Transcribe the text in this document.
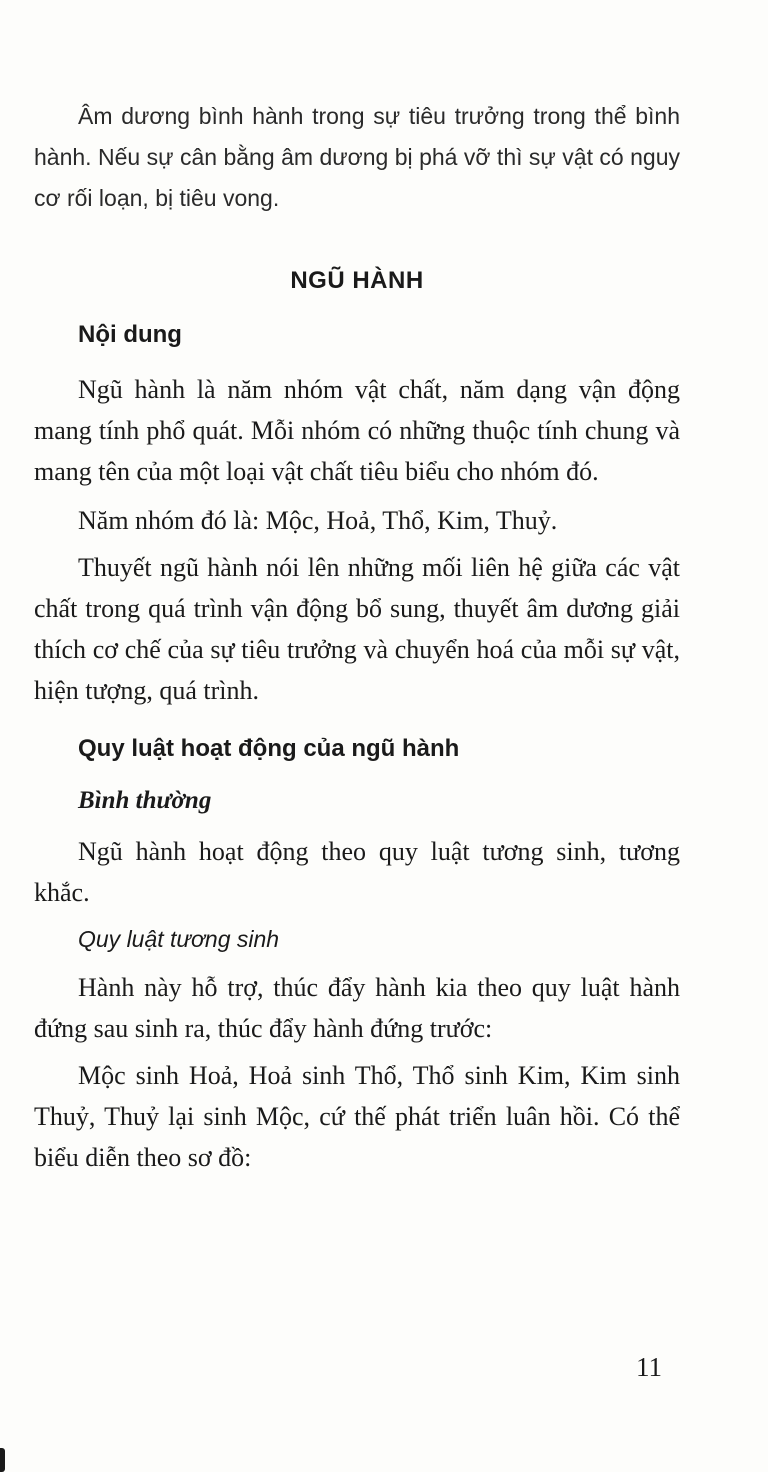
Âm dương bình hành trong sự tiêu trưởng trong thể bình hành. Nếu sự cân bằng âm dương bị phá vỡ thì sự vật có nguy cơ rối loạn, bị tiêu vong.

NGŨ HÀNH
Nội dung

Ngũ hành là năm nhóm vật chất, năm dạng vận động mang tính phổ quát. Mỗi nhóm có những thuộc tính chung và mang tên của một loại vật chất tiêu biểu cho nhóm đó.

Năm nhóm đó là: Mộc, Hoả, Thổ, Kim, Thuỷ.

Thuyết ngũ hành nói lên những mối liên hệ giữa các vật chất trong quá trình vận động bổ sung, thuyết âm dương giải thích cơ chế của sự tiêu trưởng và chuyển hoá của mỗi sự vật, hiện tượng, quá trình.

Quy luật hoạt động của ngũ hành
Bình thường

Ngũ hành hoạt động theo quy luật tương sinh, tương khắc.

Quy luật tương sinh

Hành này hỗ trợ, thúc đẩy hành kia theo quy luật hành đứng sau sinh ra, thúc đẩy hành đứng trước:

Mộc sinh Hoả, Hoả sinh Thổ, Thổ sinh Kim, Kim sinh Thuỷ, Thuỷ lại sinh Mộc, cứ thế phát triển luân hồi. Có thể biểu diễn theo sơ đồ:

11
